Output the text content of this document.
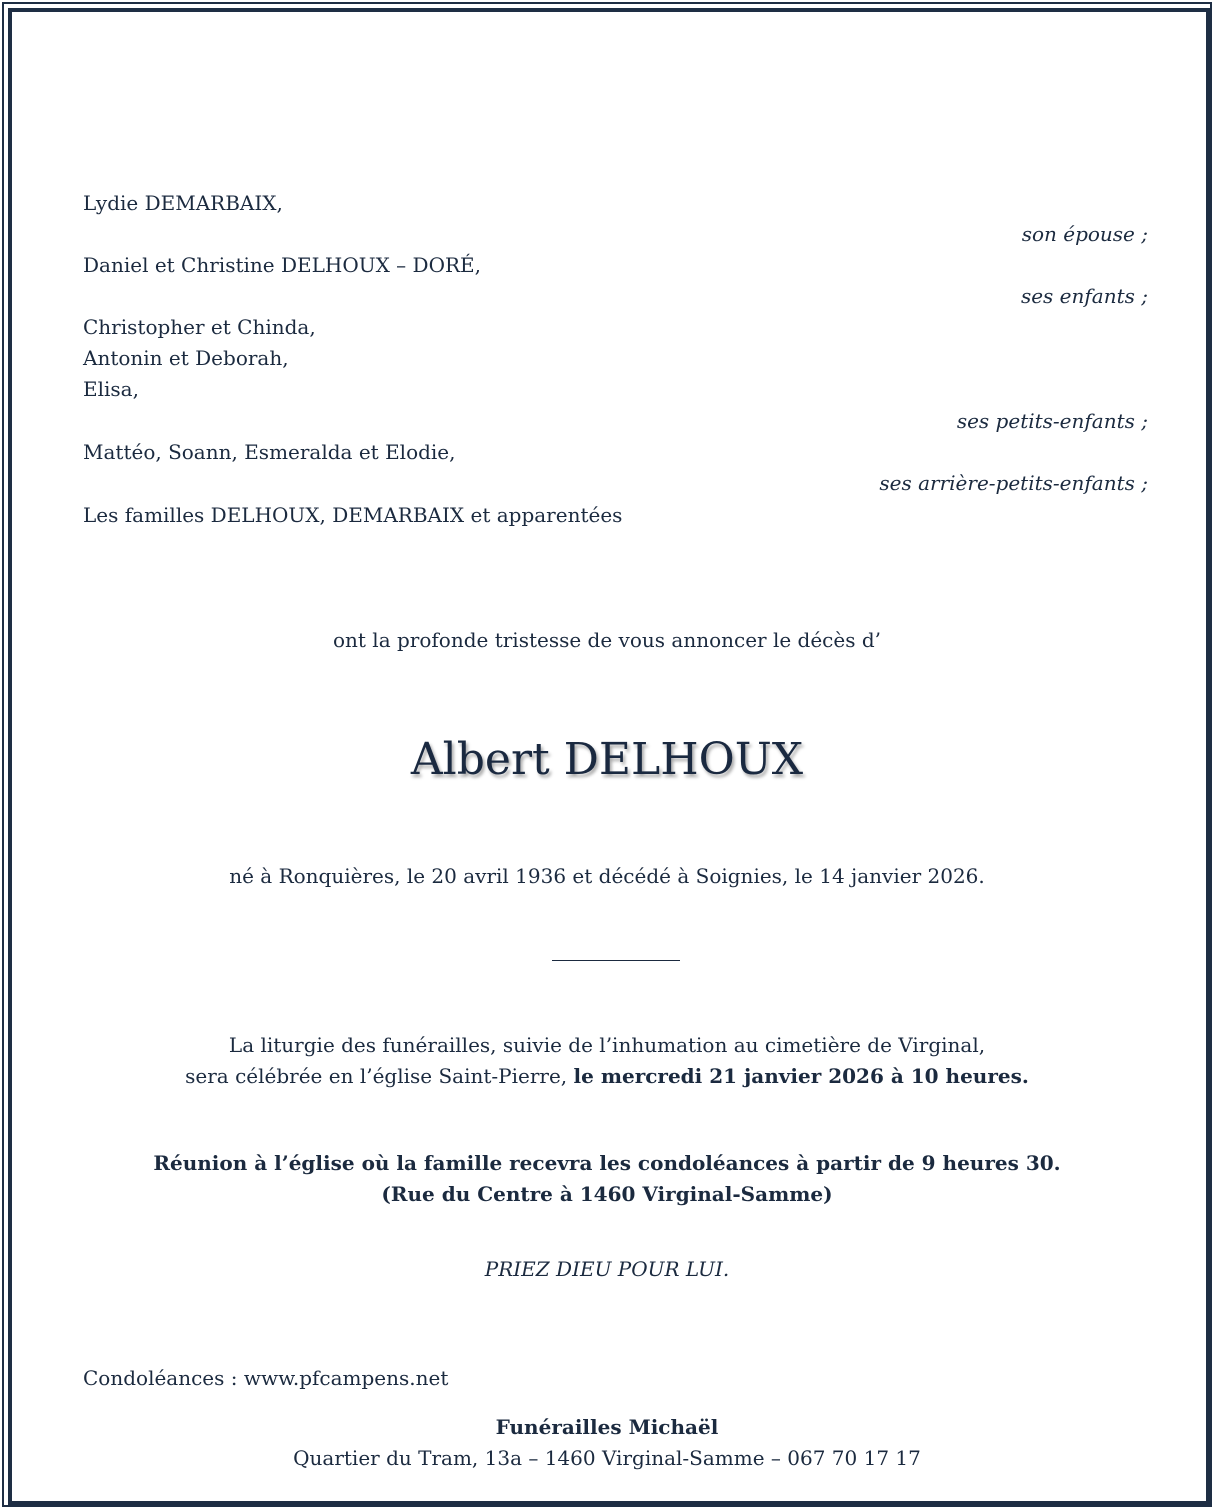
Lydie DEMARBAIX,
son épouse ;
Daniel et Christine DELHOUX – DORÉ,
ses enfants ;
Christopher et Chinda,
Antonin et Deborah,
Elisa,
ses petits-enfants ;
Mattéo, Soann, Esmeralda et Elodie,
ses arrière-petits-enfants ;
Les familles DELHOUX, DEMARBAIX et apparentées
ont la profonde tristesse de vous annoncer le décès d’
Albert DELHOUX
né à Ronquières, le 20 avril 1936 et décédé à Soignies, le 14 janvier 2026.
La liturgie des funérailles, suivie de l’inhumation au cimetière de Virginal,
sera célébrée en l’église Saint-Pierre, le mercredi 21 janvier 2026 à 10 heures.
Réunion à l’église où la famille recevra les condoléances à partir de 9 heures 30.
(Rue du Centre à 1460 Virginal-Samme)
PRIEZ DIEU POUR LUI.
Condoléances : www.pfcampens.net
Funérailles Michaël
Quartier du Tram, 13a – 1460 Virginal-Samme – 067 70 17 17
